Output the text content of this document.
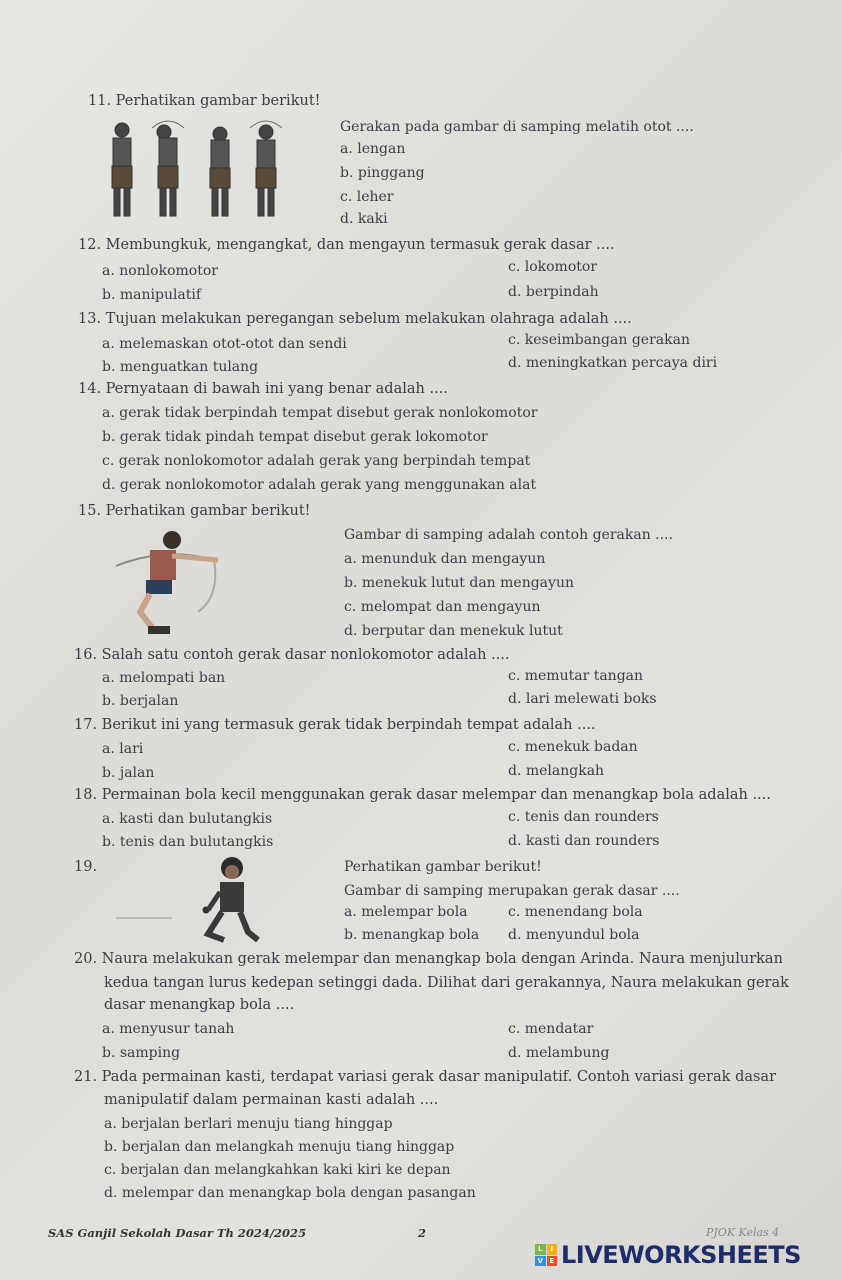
11. Perhatikan gambar berikut!
Gerakan pada gambar di samping melatih otot ....
a. lengan
b. pinggang
c. leher
d. kaki
12. Membungkuk, mengangkat, dan mengayun termasuk gerak dasar ....
a. nonlokomotor	c. lokomotor
b. manipulatif	d. berpindah
13. Tujuan melakukan peregangan sebelum melakukan olahraga adalah ....
a. melemaskan otot-otot dan sendi	c. keseimbangan gerakan
b. menguatkan tulang	d. meningkatkan percaya diri
14. Pernyataan di bawah ini yang benar adalah ....
a. gerak tidak berpindah tempat disebut gerak nonlokomotor
b. gerak tidak pindah tempat disebut gerak lokomotor
c. gerak nonlokomotor adalah gerak yang berpindah tempat
d. gerak nonlokomotor adalah gerak yang menggunakan alat
15. Perhatikan gambar berikut!
Gambar di samping adalah contoh gerakan ....
a. menunduk dan mengayun
b. menekuk lutut dan mengayun
c. melompat dan mengayun
d. berputar dan menekuk lutut
16. Salah satu contoh gerak dasar nonlokomotor adalah ....
a. melompati ban	c. memutar tangan
b. berjalan	d. lari melewati boks
17. Berikut ini yang termasuk gerak tidak berpindah tempat adalah ....
a. lari	c. menekuk badan
b. jalan	d. melangkah
18. Permainan bola kecil menggunakan gerak dasar melempar dan menangkap bola adalah ....
a. kasti dan bulutangkis	c. tenis dan rounders
b. tenis dan bulutangkis	d. kasti dan rounders
19.	Perhatikan gambar berikut!
Gambar di samping merupakan gerak dasar ....
a. melempar bola	c. menendang bola
b. menangkap bola d. menyundul bola
20. Naura melakukan gerak melempar dan menangkap bola dengan Arinda. Naura menjulurkan
kedua tangan lurus kedepan setinggi dada. Dilihat dari gerakannya, Naura melakukan gerak
dasar menangkap bola ....
a. menyusur tanah	c. mendatar
b. samping	d. melambung
21. Pada permainan kasti, terdapat variasi gerak dasar manipulatif. Contoh variasi gerak dasar
manipulatif dalam permainan kasti adalah ....
a. berjalan berlari menuju tiang hinggap
b. berjalan dan melangkah menuju tiang hinggap
c. berjalan dan melangkahkan kaki kiri ke depan
d. melempar dan menangkap bola dengan pasangan
SAS Ganjil Sekolah Dasar Th 2024/2025	2	PJOK Kelas 4
L	I
V E LIVEWORKSHEETS
